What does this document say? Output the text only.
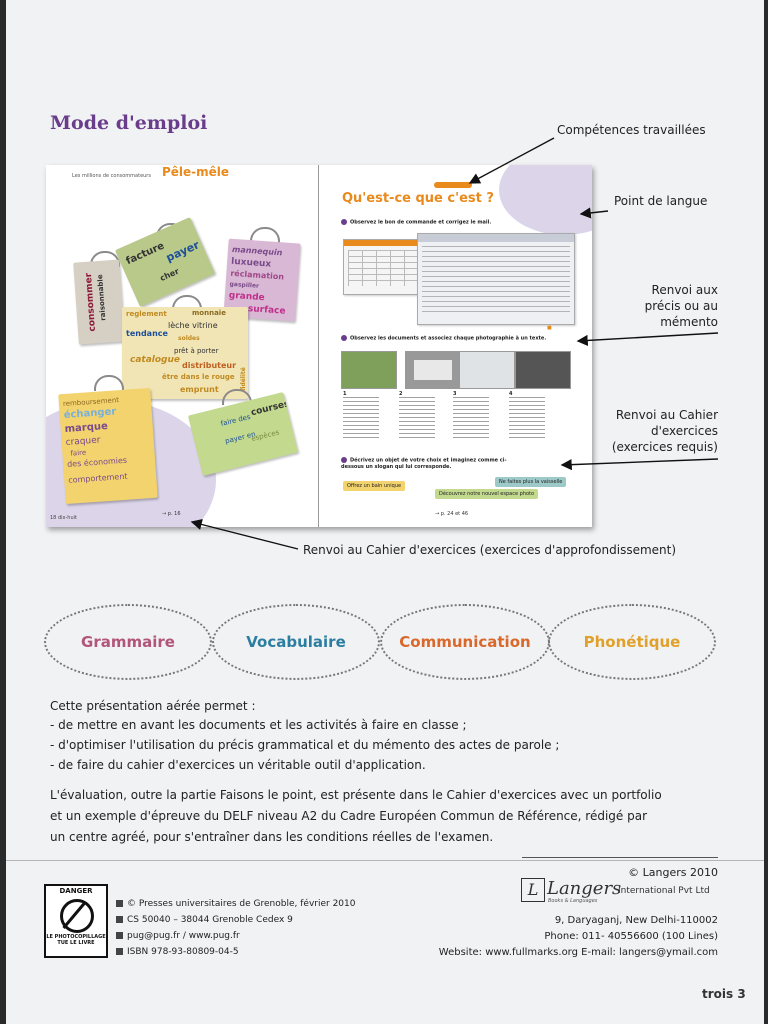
Mode d'emploi	Compétences travaillées
Point de langue
Renvoi aux
précis ou au
mémento
Renvoi au Cahier
d'exercices
(exercices requis)
Renvoi au Cahier d'exercices (exercices d'approfondissement)
Les millions de consommateurs Pêle-mêle
consommer
raisonnable
facture
payer
cher
mannequin
luxueux
réclamation
gaspiller
grande
surface
reglement	monnaie
tendance
lèche vitrine
soldes
prêt à porter
catalogue
distributeur
être dans le rouge
emprunt	fidélité
remboursement
échanger
marque
craquer
faire
des économies
comportement
faire des
courses
payer en
espèces
18 dix-huit
→ p. 16
Qu'est-ce que c'est ?
Observez le bon de commande et corrigez le mail.
■
Observez les documents et associez chaque photographie à un texte.
1	2	3	4
Décrivez un objet de votre choix et imaginez comme ci-dessous un slogan qui lui corresponde.
Offrez un bain unique
Découvrez notre nouvel espace photo
Ne faites plus la vaisselle
→ p. 24 et 46
Grammaire	Vocabulaire	Communication	Phonétique
Cette présentation aérée permet :
- de mettre en avant les documents et les activités à faire en classe ;
- d'optimiser l'utilisation du précis grammatical et du mémento des actes de parole ;
- de faire du cahier d'exercices un véritable outil d'application.
L'évaluation, outre la partie Faisons le point, est présente dans le Cahier d'exercices avec un portfolio
et un exemple d'épreuve du DELF niveau A2 du Cadre Européen Commun de Référence, rédigé par
un centre agréé, pour s'entraîner dans les conditions réelles de l'examen.
DANGER
LE PHOTOCOPILLAGE TUE LE LIVRE
© Presses universitaires de Grenoble, février 2010
CS 50040 – 38044 Grenoble Cedex 9
pug@pug.fr / www.pug.fr
ISBN 978-93-80809-04-5
© Langers 2010
L Langers
Books & Languages
International Pvt Ltd
9, Daryaganj, New Delhi-110002
Phone: 011- 40556600 (100 Lines)
Website: www.fullmarks.org E-mail: langers@ymail.com
trois 3
